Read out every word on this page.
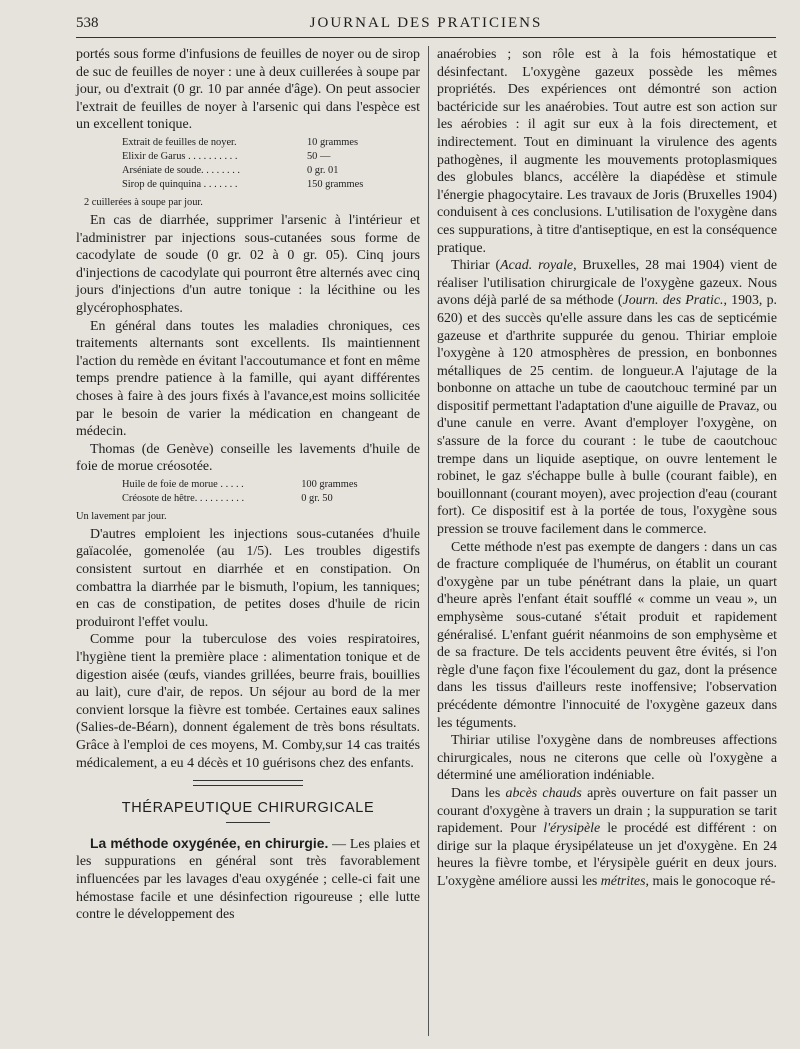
538	JOURNAL DES PRATICIENS

portés sous forme d'infusions de feuilles de noyer ou de sirop de suc de feuilles de noyer : une à deux cuillerées à soupe par jour, ou d'extrait (0 gr. 10 par année d'âge). On peut associer l'extrait de feuilles de noyer à l'arsenic qui dans l'espèce est un excellent tonique.

Extrait de feuilles de noyer.	10 grammes
Elixir de Garus . . . . . . . . . .	50 —
Arséniate de soude. . . . . . . .	0 gr. 01
Sirop de quinquina . . . . . . .	150 grammes
2 cuillerées à soupe par jour.

En cas de diarrhée, supprimer l'arsenic à l'intérieur et l'administrer par injections sous-cutanées sous forme de cacodylate de soude (0 gr. 02 à 0 gr. 05). Cinq jours d'injections de cacodylate qui pourront être alternés avec cinq jours d'injections d'un autre tonique : la lécithine ou les glycérophosphates.

En général dans toutes les maladies chroniques, ces traitements alternants sont excellents. Ils maintiennent l'action du remède en évitant l'accoutumance et font en même temps prendre patience à la famille, qui ayant différentes choses à faire à des jours fixés à l'avance,est moins sollicitée par le besoin de varier la médication en changeant de médecin.

Thomas (de Genève) conseille les lavements d'huile de foie de morue créosotée.

Huile de foie de morue . . . . .	100 grammes
Créosote de hêtre. . . . . . . . . .	0 gr. 50
Un lavement par jour.

D'autres emploient les injections sous-cutanées d'huile gaïacolée, gomenolée (au 1/5). Les troubles digestifs consistent surtout en diarrhée et en constipation. On combattra la diarrhée par le bismuth, l'opium, les tanniques; en cas de constipation, de petites doses d'huile de ricin produiront l'effet voulu.

Comme pour la tuberculose des voies respiratoires, l'hygiène tient la première place : alimentation tonique et de digestion aisée (œufs, viandes grillées, beurre frais, bouillies au lait), cure d'air, de repos. Un séjour au bord de la mer convient lorsque la fièvre est tombée. Certaines eaux salines (Salies-de-Béarn), donnent également de très bons résultats. Grâce à l'emploi de ces moyens, M. Comby,sur 14 cas traités médicalement, a eu 4 décès et 10 guérisons chez des enfants.

THÉRAPEUTIQUE CHIRURGICALE

La méthode oxygénée, en chirurgie. — Les plaies et les suppurations en général sont très favorablement influencées par les lavages d'eau oxygénée ; celle-ci fait une hémostase facile et une désinfection rigoureuse ; elle lutte contre le développement des

anaérobies ; son rôle est à la fois hémostatique et désinfectant. L'oxygène gazeux possède les mêmes propriétés. Des expériences ont démontré son action bactéricide sur les anaérobies. Tout autre est son action sur les aérobies : il agit sur eux à la fois directement, et indirectement. Tout en diminuant la virulence des agents pathogènes, il augmente les mouvements protoplasmiques des globules blancs, accélère la diapédèse et stimule l'énergie phagocytaire. Les travaux de Joris (Bruxelles 1904) conduisent à ces conclusions. L'utilisation de l'oxygène dans ces suppurations, à titre d'antiseptique, en est la conséquence pratique.

Thiriar (Acad. royale, Bruxelles, 28 mai 1904) vient de réaliser l'utilisation chirurgicale de l'oxygène gazeux. Nous avons déjà parlé de sa méthode (Journ. des Pratic., 1903, p. 620) et des succès qu'elle assure dans les cas de septicémie gazeuse et d'arthrite suppurée du genou. Thiriar emploie l'oxygène à 120 atmosphères de pression, en bonbonnes métalliques de 25 centim. de longueur.A l'ajutage de la bonbonne on attache un tube de caoutchouc terminé par un dispositif permettant l'adaptation d'une aiguille de Pravaz, ou d'une canule en verre. Avant d'employer l'oxygène, on s'assure de la force du courant : le tube de caoutchouc trempe dans un liquide aseptique, on ouvre lentement le robinet, le gaz s'échappe bulle à bulle (courant faible), en bouillonnant (courant moyen), avec projection d'eau (courant fort). Ce dispositif est à la portée de tous, l'oxygène sous pression se trouve facilement dans le commerce.

Cette méthode n'est pas exempte de dangers : dans un cas de fracture compliquée de l'humérus, on établit un courant d'oxygène par un tube pénétrant dans la plaie, un quart d'heure après l'enfant était soufflé « comme un veau », un emphysème sous-cutané s'était produit et rapidement généralisé. L'enfant guérit néanmoins de son emphysème et de sa fracture. De tels accidents peuvent être évités, si l'on règle d'une façon fixe l'écoulement du gaz, dont la présence dans les tissus d'ailleurs reste inoffensive; l'observation précédente démontre l'innocuité de l'oxygène gazeux dans les téguments.

Thiriar utilise l'oxygène dans de nombreuses affections chirurgicales, nous ne citerons que celle où l'oxygène a déterminé une amélioration indéniable.

Dans les abcès chauds après ouverture on fait passer un courant d'oxygène à travers un drain ; la suppuration se tarit rapidement. Pour l'érysipèle le procédé est différent : on dirige sur la plaque érysipélateuse un jet d'oxygène. En 24 heures la fièvre tombe, et l'érysipèle guérit en deux jours. L'oxygène améliore aussi les métrites, mais le gonocoque ré-
